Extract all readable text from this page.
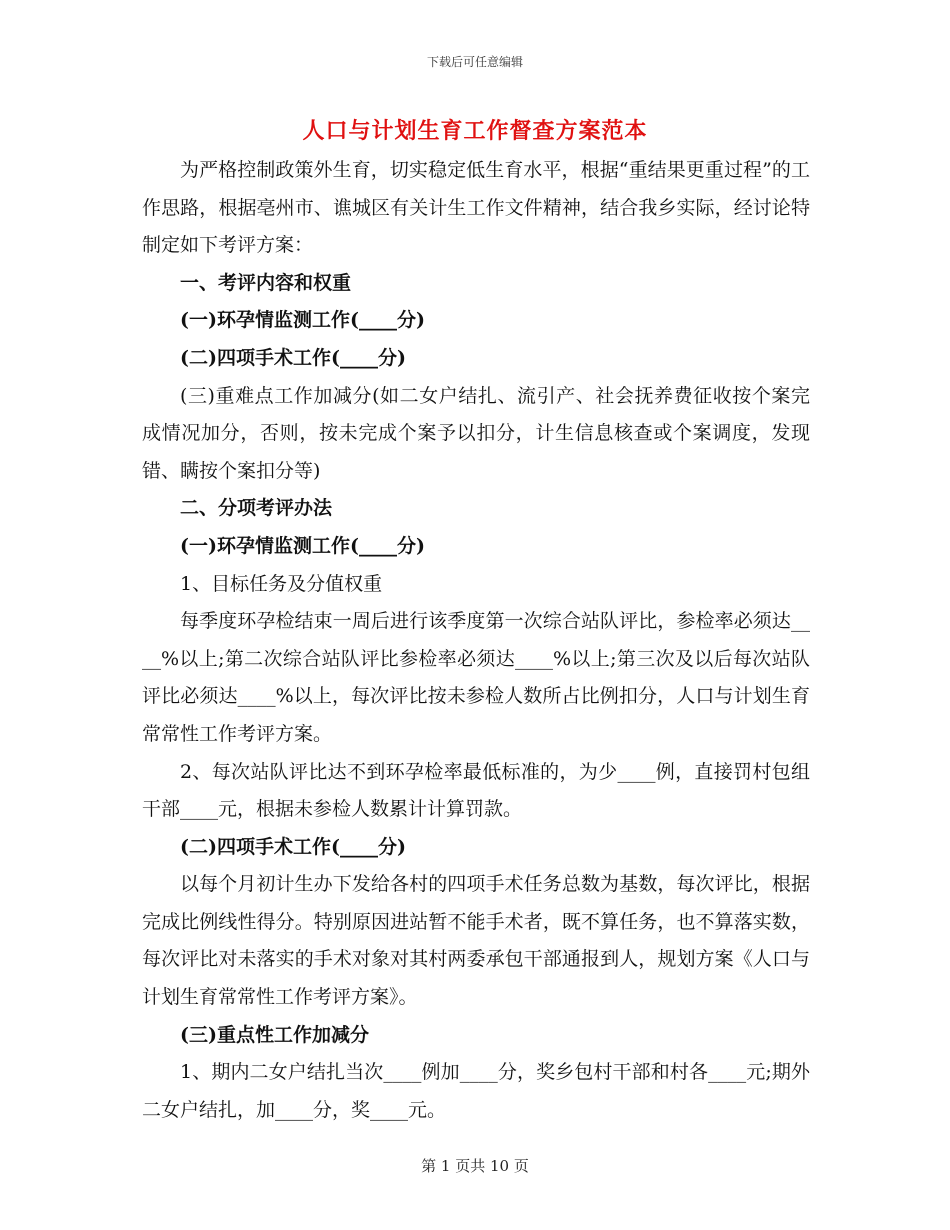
下载后可任意编辑
人口与计划生育工作督查方案范本
为严格控制政策外生育，切实稳定低生育水平，根据“重结果更重过程”的工作思路，根据亳州市、谯城区有关计生工作文件精神，结合我乡实际，经讨论特制定如下考评方案：
一、考评内容和权重
(一)环孕情监测工作(____分)
(二)四项手术工作(____分)
(三)重难点工作加减分(如二女户结扎、流引产、社会抚养费征收按个案完成情况加分，否则，按未完成个案予以扣分，计生信息核查或个案调度，发现错、瞒按个案扣分等)
二、分项考评办法
(一)环孕情监测工作(____分)
1、目标任务及分值权重
每季度环孕检结束一周后进行该季度第一次综合站队评比，参检率必须达____%以上;第二次综合站队评比参检率必须达____%以上;第三次及以后每次站队评比必须达____%以上，每次评比按未参检人数所占比例扣分，人口与计划生育常常性工作考评方案。
2、每次站队评比达不到环孕检率最低标准的，为少____例，直接罚村包组干部____元，根据未参检人数累计计算罚款。
(二)四项手术工作(____分)
以每个月初计生办下发给各村的四项手术任务总数为基数，每次评比，根据完成比例线性得分。特别原因进站暂不能手术者，既不算任务，也不算落实数，每次评比对未落实的手术对象对其村两委承包干部通报到人，规划方案《人口与计划生育常常性工作考评方案》。
(三)重点性工作加减分
1、期内二女户结扎当次____例加____分，奖乡包村干部和村各____元;期外二女户结扎，加____分，奖____元。
第 1 页共 10 页
